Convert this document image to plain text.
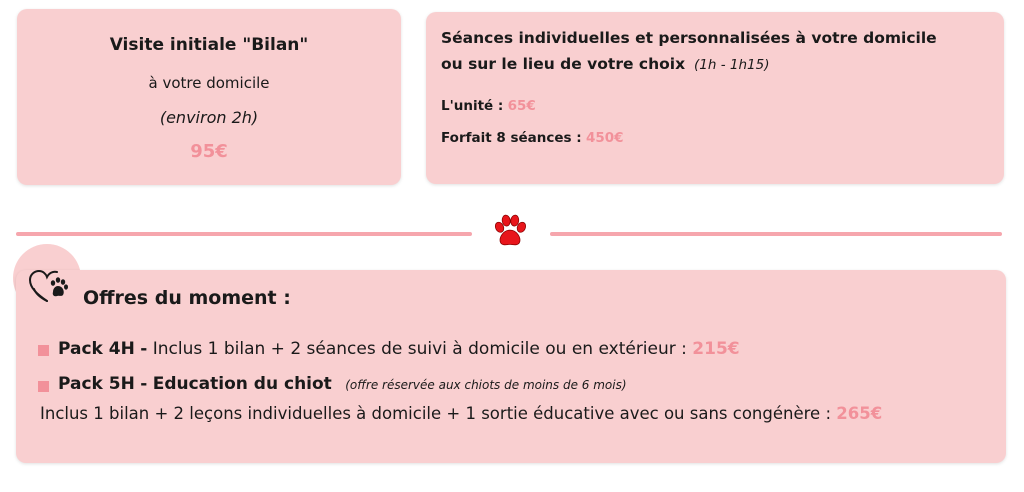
Visite initiale "Bilan"
à votre domicile
(environ 2h)
95€
Séances individuelles et personnalisées à votre domicile
ou sur le lieu de votre choix (1h - 1h15)
L'unité : 65€
Forfait 8 séances : 450€
Avril 2023
Offres du moment :
Pack 4H - Inclus 1 bilan + 2 séances de suivi à domicile ou en extérieur : 215€
Pack 5H - Education du chiot (offre réservée aux chiots de moins de 6 mois)
Inclus 1 bilan + 2 leçons individuelles à domicile + 1 sortie éducative avec ou sans congénère : 265€
